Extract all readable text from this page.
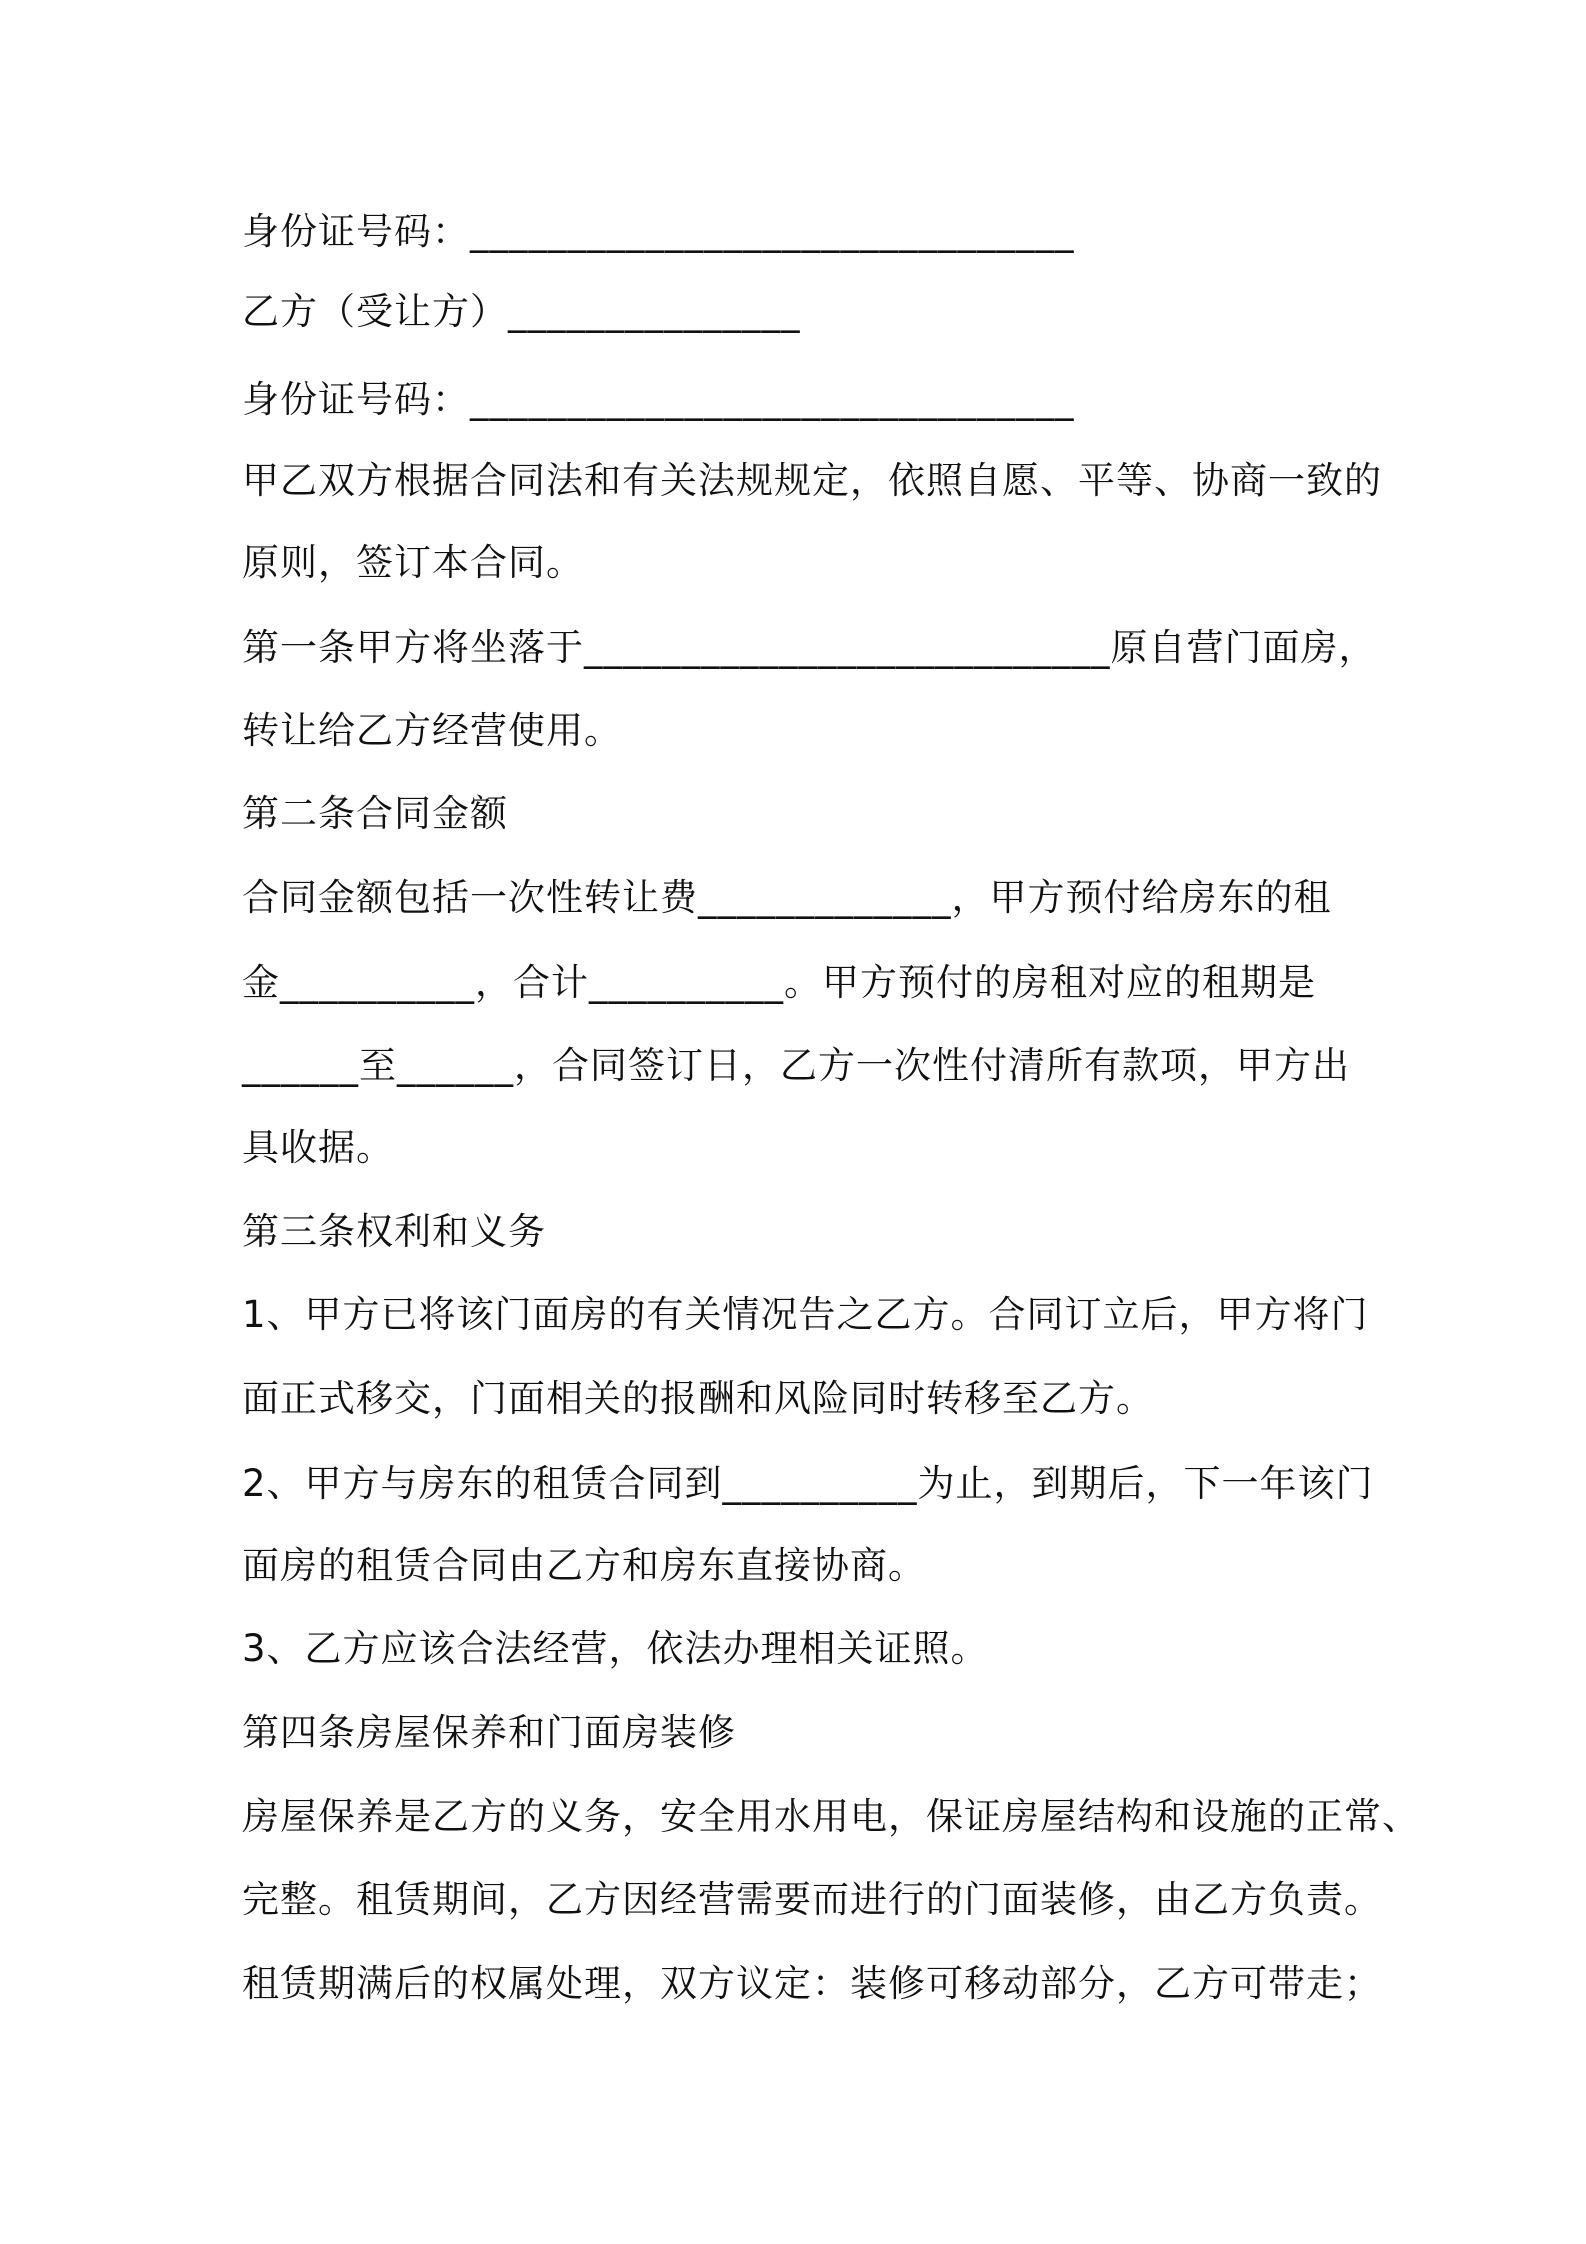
身份证号码：_______________________________

乙方（受让方）_______________

身份证号码：_______________________________

甲乙双方根据合同法和有关法规规定，依照自愿、平等、协商一致的

原则，签订本合同。

第一条甲方将坐落于___________________________原自营门面房，

转让给乙方经营使用。

第二条合同金额

合同金额包括一次性转让费_____________，甲方预付给房东的租

金__________，合计__________。甲方预付的房租对应的租期是

______至______，合同签订日，乙方一次性付清所有款项，甲方出

具收据。

第三条权利和义务

1、甲方已将该门面房的有关情况告之乙方。合同订立后，甲方将门

面正式移交，门面相关的报酬和风险同时转移至乙方。

2、甲方与房东的租赁合同到__________为止，到期后，下一年该门

面房的租赁合同由乙方和房东直接协商。

3、乙方应该合法经营，依法办理相关证照。

第四条房屋保养和门面房装修

房屋保养是乙方的义务，安全用水用电，保证房屋结构和设施的正常、

完整。租赁期间，乙方因经营需要而进行的门面装修，由乙方负责。

租赁期满后的权属处理，双方议定：装修可移动部分，乙方可带走；
